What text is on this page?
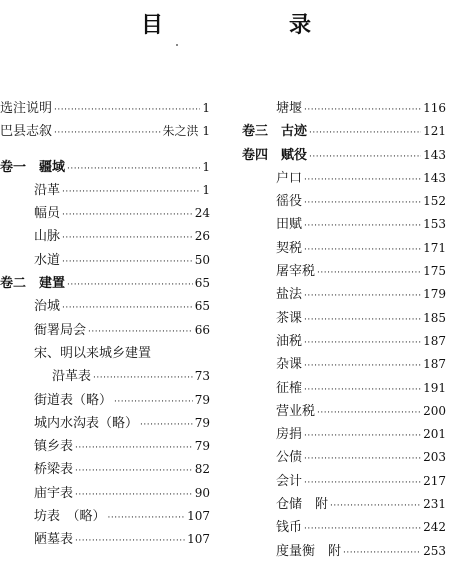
目　录
选注说明 ·····	1
巴县志叙 ·····	朱之洪 1
卷一　疆域 ·····	1
沿革 ·····	1
幅员 ·····	24
山脉 ·····	26
水道 ·····	50
卷二　建置 ·····	65
治城 ·····	65
衙署局会 ·····	66
宋、明以来城乡建置
沿革表 ·····	73
街道表（略） ·····	79
城内水沟表（略） ·····	79
镇乡表 ·····	79
桥梁表 ·····	82
庙宇表 ·····	90
坊表　（略） ·····	107
陋墓表 ·····	107
塘堰 ·····	116
卷三　古迹 ·····	121
卷四　赋役 ·····	143
户口 ·····	143
徭役 ·····	152
田赋 ·····	153
契税 ·····	171
屠宰税 ·····	175
盐法 ·····	179
茶课 ·····	185
油税 ·····	187
杂课 ·····	187
征榷 ·····	191
营业税 ·····	200
房捐 ·····	201
公债 ·····	203
会计 ·····	217
仓储　附 ·····	231
钱币 ·····	242
度量衡　附 ·····	253
